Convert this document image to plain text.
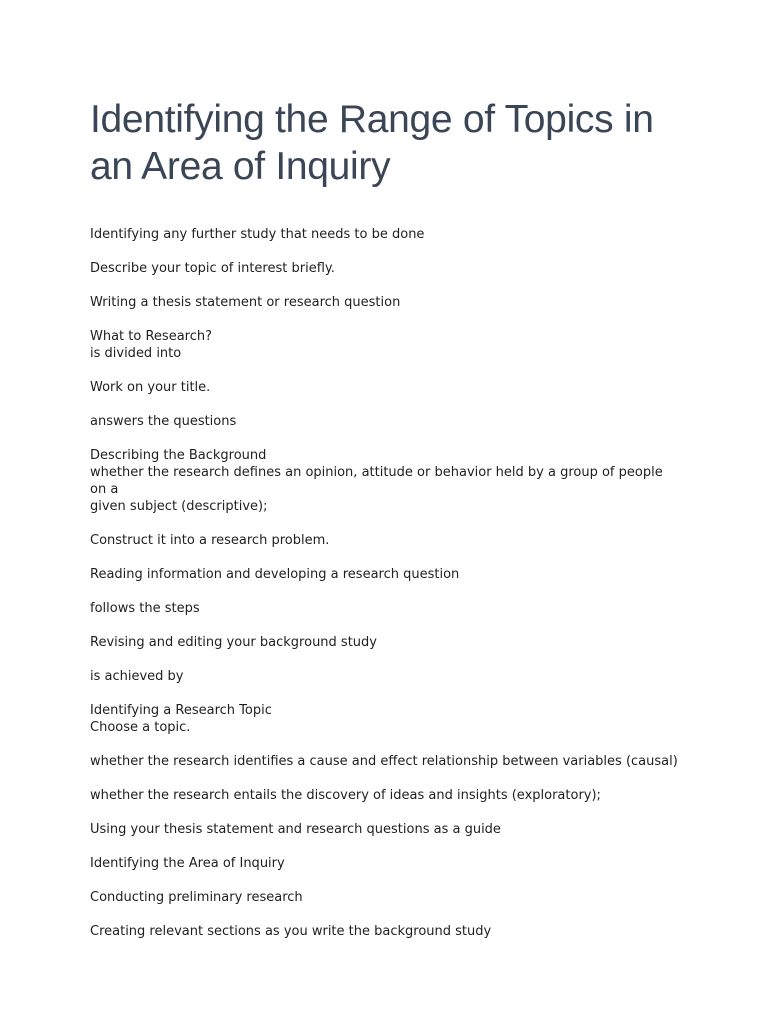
Identifying the Range of Topics in
an Area of Inquiry

Identifying any further study that needs to be done

Describe your topic of interest briefly.

Writing a thesis statement or research question

What to Research?
is divided into

Work on your title.

answers the questions

Describing the Background
whether the research defines an opinion, attitude or behavior held by a group of people on a
given subject (descriptive);

Construct it into a research problem.

Reading information and developing a research question

follows the steps

Revising and editing your background study

is achieved by

Identifying a Research Topic
Choose a topic.

whether the research identifies a cause and effect relationship between variables (causal)

whether the research entails the discovery of ideas and insights (exploratory);

Using your thesis statement and research questions as a guide

Identifying the Area of Inquiry

Conducting preliminary research

Creating relevant sections as you write the background study
